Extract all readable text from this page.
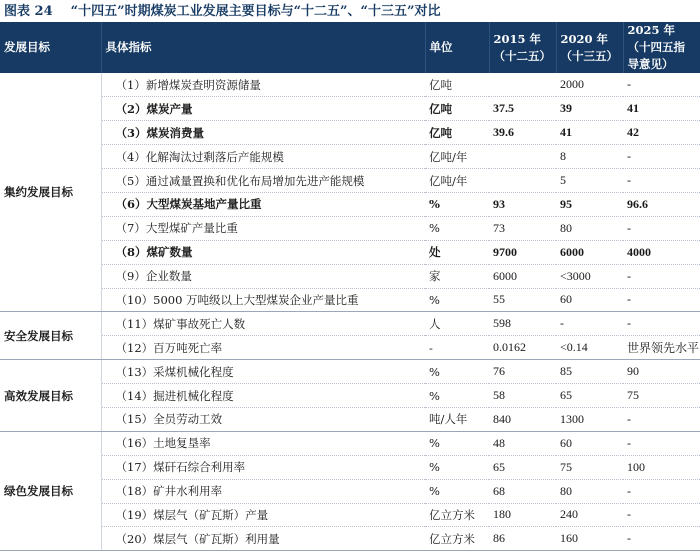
图表 24 “十四五”时期煤炭工业发展主要目标与“十二五”、“十三五”对比
发展目标	具体指标	单位	2015 年（十二五）	2020 年（十三五）	2025 年（十四五指导意见）
集约发展目标	（1）新增煤炭查明资源储量	亿吨		2000	-
	（2）煤炭产量	亿吨	37.5	39	41
	（3）煤炭消费量	亿吨	39.6	41	42
	（4）化解淘汰过剩落后产能规模	亿吨/年		8	-
	（5）通过减量置换和优化布局增加先进产能规模	亿吨/年		5	-
	（6）大型煤炭基地产量比重	%	93	95	96.6
	（7）大型煤矿产量比重	%	73	80	-
	（8）煤矿数量	处	9700	6000	4000
	（9）企业数量	家	6000	<3000	-
	（10）5000 万吨级以上大型煤炭企业产量比重	%	55	60	-
安全发展目标	（11）煤矿事故死亡人数	人	598	-	-
	（12）百万吨死亡率	-	0.0162	<0.14	世界领先水平
高效发展目标	（13）采煤机械化程度	%	76	85	90
	（14）掘进机械化程度	%	58	65	75
	（15）全员劳动工效	吨/人年	840	1300	-
绿色发展目标	（16）土地复垦率	%	48	60	-
	（17）煤矸石综合利用率	%	65	75	100
	（18）矿井水利用率	%	68	80	-
	（19）煤层气（矿瓦斯）产量	亿立方米	180	240	-
	（20）煤层气（矿瓦斯）利用量	亿立方米	86	160	-
